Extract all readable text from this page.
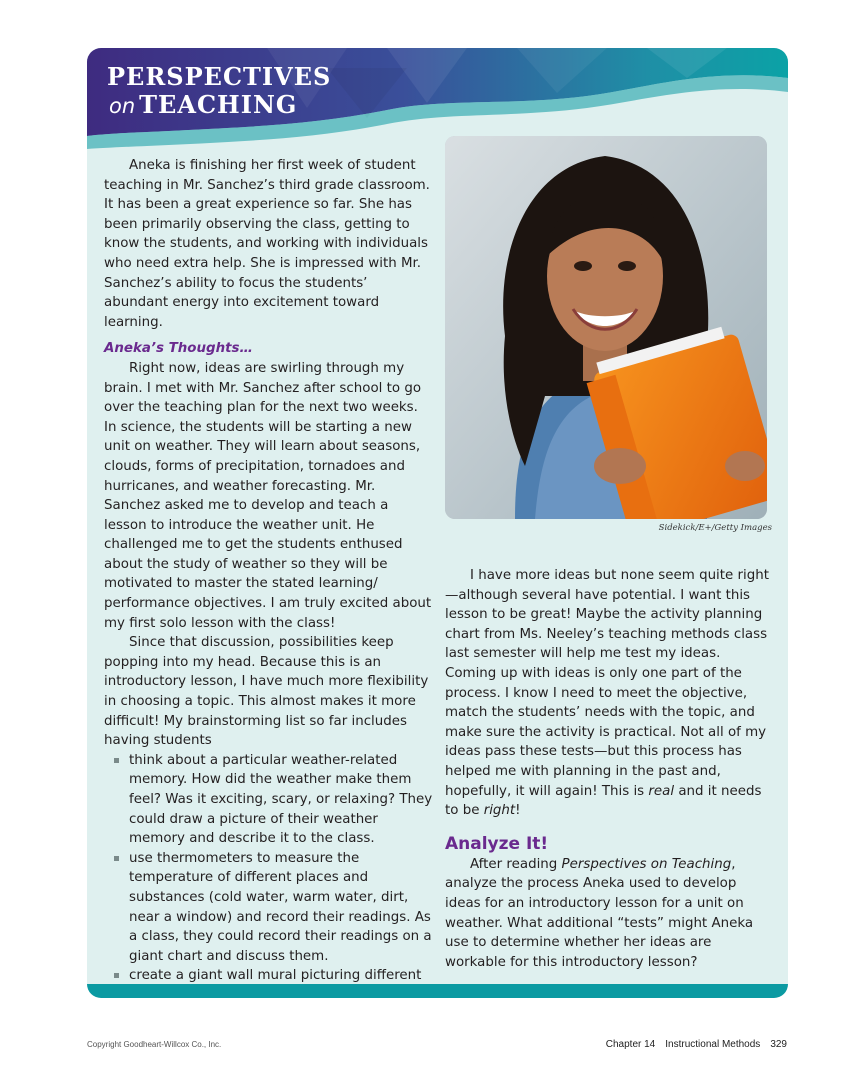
PERSPECTIVES
on TEACHING

Aneka is finishing her first week of student teaching in Mr. Sanchez’s third grade classroom. It has been a great experience so far. She has been primarily observing the class, getting to know the students, and working with individuals who need extra help. She is impressed with Mr. Sanchez’s ability to focus the students’ abundant energy into excitement toward learning.

Aneka’s Thoughts…

Right now, ideas are swirling through my brain. I met with Mr. Sanchez after school to go over the teaching plan for the next two weeks. In science, the students will be starting a new unit on weather. They will learn about seasons, clouds, forms of precipitation, tornadoes and hurricanes, and weather forecasting. Mr. Sanchez asked me to develop and teach a lesson to introduce the weather unit. He challenged me to get the students enthused about the study of weather so they will be motivated to master the stated learning/ performance objectives. I am truly excited about my first solo lesson with the class!

Since that discussion, possibilities keep popping into my head. Because this is an introductory lesson, I have much more flexibility in choosing a topic. This almost makes it more difficult! My brainstorming list so far includes having students

think about a particular weather-related memory. How did the weather make them feel? Was it exciting, scary, or relaxing? They could draw a picture of their weather memory and describe it to the class.
use thermometers to measure the temperature of different places and substances (cold water, warm water, dirt, near a window) and record their readings. As a class, they could record their readings on a giant chart and discuss them.
create a giant wall mural picturing different
Sidekick/E+/Getty Images

I have more ideas but none seem quite right—although several have potential. I want this lesson to be great! Maybe the activity planning chart from Ms. Neeley’s teaching methods class last semester will help me test my ideas. Coming up with ideas is only one part of the process. I know I need to meet the objective, match the students’ needs with the topic, and make sure the activity is practical. Not all of my ideas pass these tests—but this process has helped me with planning in the past and, hopefully, it will again! This is real and it needs to be right!

Analyze It!

After reading Perspectives on Teaching, analyze the process Aneka used to develop ideas for an introductory lesson for a unit on weather. What additional “tests” might Aneka use to determine whether her ideas are workable for this introductory lesson?

Copyright Goodheart-Willcox Co., Inc.	Chapter 14 Instructional Methods 329
